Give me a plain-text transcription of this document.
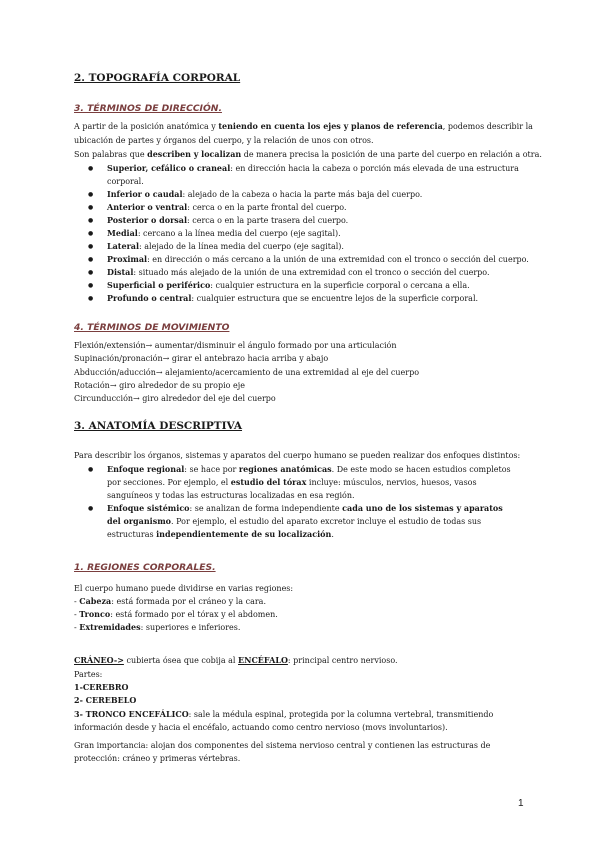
2. TOPOGRAFÍA CORPORAL
3. TÉRMINOS DE DIRECCIÓN.
A partir de la posición anatómica y teniendo en cuenta los ejes y planos de referencia, podemos describir la
ubicación de partes y órganos del cuerpo, y la relación de unos con otros.
Son palabras que describen y localizan de manera precisa la posición de una parte del cuerpo en relación a otra.
● Superior, cefálico o craneal: en dirección hacia la cabeza o porción más elevada de una estructura corporal.
● Inferior o caudal: alejado de la cabeza o hacia la parte más baja del cuerpo.
● Anterior o ventral: cerca o en la parte frontal del cuerpo.
● Posterior o dorsal: cerca o en la parte trasera del cuerpo.
● Medial: cercano a la línea media del cuerpo (eje sagital).
● Lateral: alejado de la línea media del cuerpo (eje sagital).
● Proximal: en dirección o más cercano a la unión de una extremidad con el tronco o sección del cuerpo.
● Distal: situado más alejado de la unión de una extremidad con el tronco o sección del cuerpo.
● Superficial o periférico: cualquier estructura en la superficie corporal o cercana a ella.
● Profundo o central: cualquier estructura que se encuentre lejos de la superficie corporal.
4. TÉRMINOS DE MOVIMIENTO
Flexión/extensión→ aumentar/disminuir el ángulo formado por una articulación
Supinación/pronación→ girar el antebrazo hacia arriba y abajo
Abducción/aducción→ alejamiento/acercamiento de una extremidad al eje del cuerpo
Rotación→ giro alrededor de su propio eje
Circunducción→ giro alrededor del eje del cuerpo
3. ANATOMÍA DESCRIPTIVA
Para describir los órganos, sistemas y aparatos del cuerpo humano se pueden realizar dos enfoques distintos:
● Enfoque regional: se hace por regiones anatómicas. De este modo se hacen estudios completos por secciones. Por ejemplo, el estudio del tórax incluye: músculos, nervios, huesos, vasos sanguíneos y todas las estructuras localizadas en esa región.
● Enfoque sistémico: se analizan de forma independiente cada uno de los sistemas y aparatos del organismo. Por ejemplo, el estudio del aparato excretor incluye el estudio de todas sus estructuras independientemente de su localización.
1. REGIONES CORPORALES.
El cuerpo humano puede dividirse en varias regiones:
- Cabeza: está formada por el cráneo y la cara.
- Tronco: está formado por el tórax y el abdomen.
- Extremidades: superiores e inferiores.
CRÁNEO-> cubierta ósea que cobija al ENCÉFALO: principal centro nervioso.
Partes:
1-CEREBRO
2- CEREBELO
3- TRONCO ENCEFÁLICO: sale la médula espinal, protegida por la columna vertebral, transmitiendo
información desde y hacia el encéfalo, actuando como centro nervioso (movs involuntarios).
Gran importancia: alojan dos componentes del sistema nervioso central y contienen las estructuras de
protección: cráneo y primeras vértebras.
1
